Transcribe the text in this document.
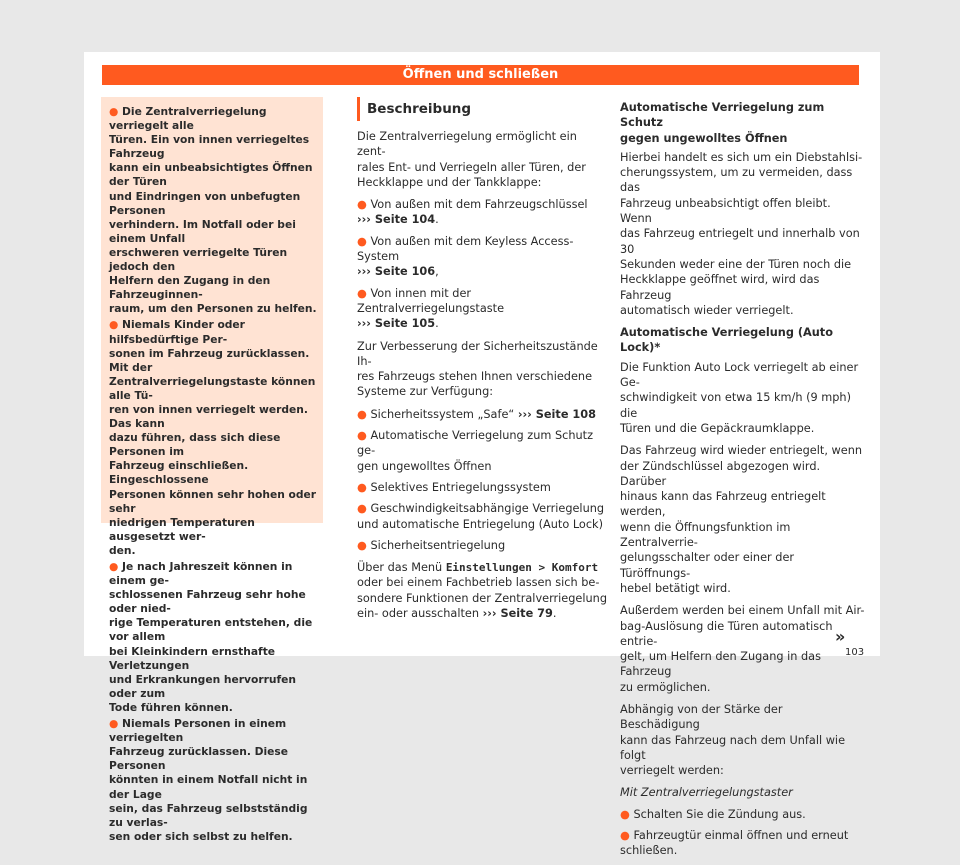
Öffnen und schließen
● Die Zentralverriegelung verriegelt alle
Türen. Ein von innen verriegeltes Fahrzeug
kann ein unbeabsichtigtes Öffnen der Türen
und Eindringen von unbefugten Personen
verhindern. Im Notfall oder bei einem Unfall
erschweren verriegelte Türen jedoch den
Helfern den Zugang in den Fahrzeuginnen-
raum, um den Personen zu helfen.
● Niemals Kinder oder hilfsbedürftige Per-
sonen im Fahrzeug zurücklassen. Mit der
Zentralverriegelungstaste können alle Tü-
ren von innen verriegelt werden. Das kann
dazu führen, dass sich diese Personen im
Fahrzeug einschließen. Eingeschlossene
Personen können sehr hohen oder sehr
niedrigen Temperaturen ausgesetzt wer-
den.
● Je nach Jahreszeit können in einem ge-
schlossenen Fahrzeug sehr hohe oder nied-
rige Temperaturen entstehen, die vor allem
bei Kleinkindern ernsthafte Verletzungen
und Erkrankungen hervorrufen oder zum
Tode führen können.
● Niemals Personen in einem verriegelten
Fahrzeug zurücklassen. Diese Personen
könnten in einem Notfall nicht in der Lage
sein, das Fahrzeug selbstständig zu verlas-
sen oder sich selbst zu helfen.
Beschreibung
Die Zentralverriegelung ermöglicht ein zent-
rales Ent- und Verriegeln aller Türen, der
Heckklappe und der Tankklappe:
● Von außen mit dem Fahrzeugschlüssel
››› Seite 104.
● Von außen mit dem Keyless Access-System
››› Seite 106,
● Von innen mit der Zentralverriegelungstaste
››› Seite 105.
Zur Verbesserung der Sicherheitszustände Ih-
res Fahrzeugs stehen Ihnen verschiedene
Systeme zur Verfügung:
● Sicherheitssystem „Safe“ ››› Seite 108
● Automatische Verriegelung zum Schutz ge-
gen ungewolltes Öffnen
● Selektives Entriegelungssystem
● Geschwindigkeitsabhängige Verriegelung
und automatische Entriegelung (Auto Lock)
● Sicherheitsentriegelung
Über das Menü Einstellungen > Komfort
oder bei einem Fachbetrieb lassen sich be-
sondere Funktionen der Zentralverriegelung
ein- oder ausschalten ››› Seite 79.
Automatische Verriegelung zum Schutz
gegen ungewolltes Öffnen
Hierbei handelt es sich um ein Diebstahlsi-
cherungssystem, um zu vermeiden, dass das
Fahrzeug unbeabsichtigt offen bleibt. Wenn
das Fahrzeug entriegelt und innerhalb von 30
Sekunden weder eine der Türen noch die
Heckklappe geöffnet wird, wird das Fahrzeug
automatisch wieder verriegelt.
Automatische Verriegelung (Auto Lock)*
Die Funktion Auto Lock verriegelt ab einer Ge-
schwindigkeit von etwa 15 km/h (9 mph) die
Türen und die Gepäckraumklappe.
Das Fahrzeug wird wieder entriegelt, wenn
der Zündschlüssel abgezogen wird. Darüber
hinaus kann das Fahrzeug entriegelt werden,
wenn die Öffnungsfunktion im Zentralverrie-
gelungsschalter oder einer der Türöffnungs-
hebel betätigt wird.
Außerdem werden bei einem Unfall mit Air-
bag-Auslösung die Türen automatisch entrie-
gelt, um Helfern den Zugang in das Fahrzeug
zu ermöglichen.
Abhängig von der Stärke der Beschädigung
kann das Fahrzeug nach dem Unfall wie folgt
verriegelt werden:
Mit Zentralverriegelungstaster
● Schalten Sie die Zündung aus.
● Fahrzeugtür einmal öffnen und erneut
schließen.
»
103
